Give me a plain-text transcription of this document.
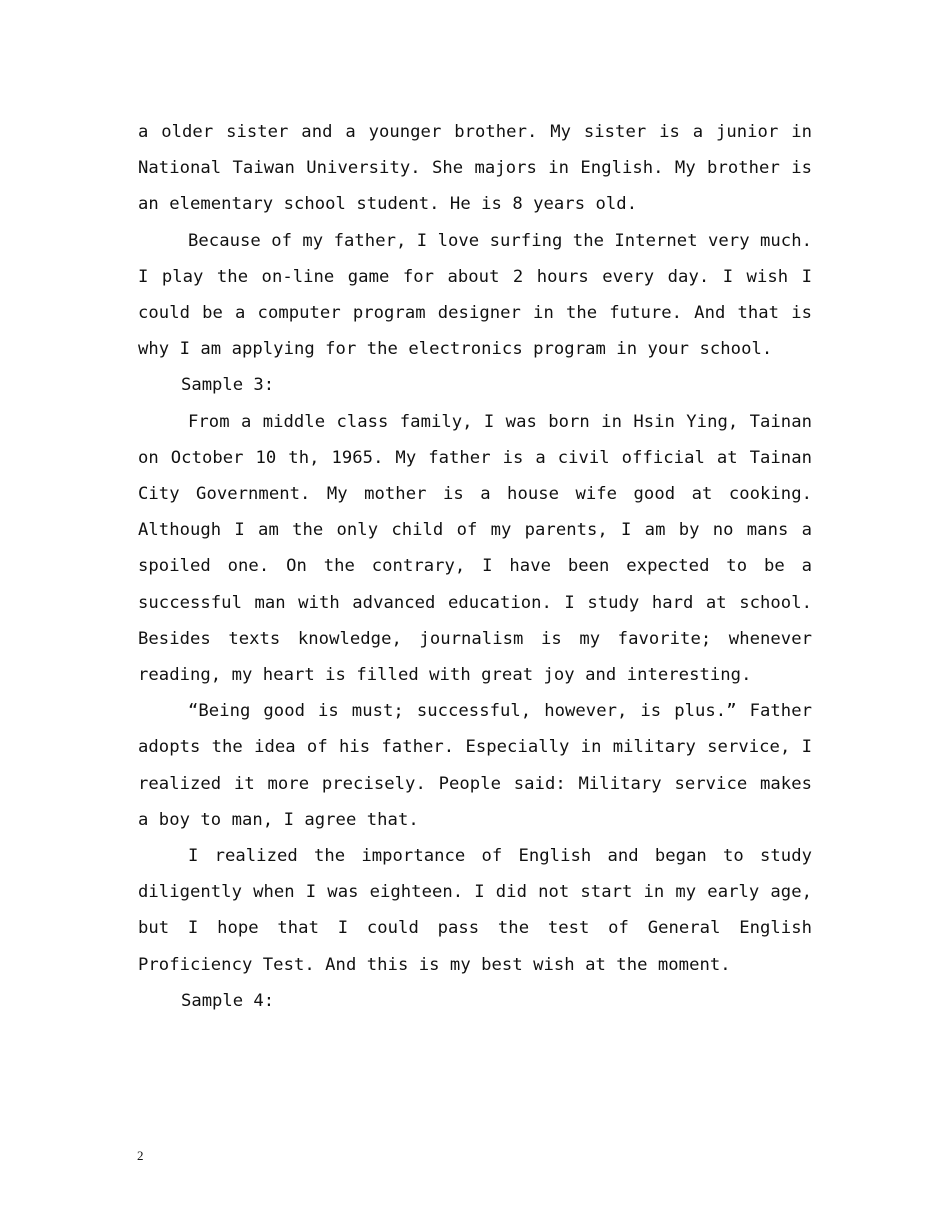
a older sister and a younger brother. My sister is a junior in National Taiwan University. She majors in English. My brother is an elementary school student. He is 8 years old.

Because of my father, I love surfing the Internet very much. I play the on-line game for about 2 hours every day. I wish I could be a computer program designer in the future. And that is why I am applying for the electronics program in your school.

Sample 3:

From a middle class family, I was born in Hsin Ying, Tainan on October 10 th, 1965. My father is a civil official at Tainan City Government. My mother is a house wife good at cooking. Although I am the only child of my parents, I am by no mans a spoiled one. On the contrary, I have been expected to be a successful man with advanced education. I study hard at school. Besides texts knowledge, journalism is my favorite; whenever reading, my heart is filled with great joy and interesting.

“Being good is must; successful, however, is plus.” Father adopts the idea of his father. Especially in military service, I realized it more precisely. People said: Military service makes a boy to man, I agree that.

I realized the importance of English and began to study diligently when I was eighteen. I did not start in my early age, but I hope that I could pass the test of General English Proficiency Test. And this is my best wish at the moment.

Sample 4:

2
